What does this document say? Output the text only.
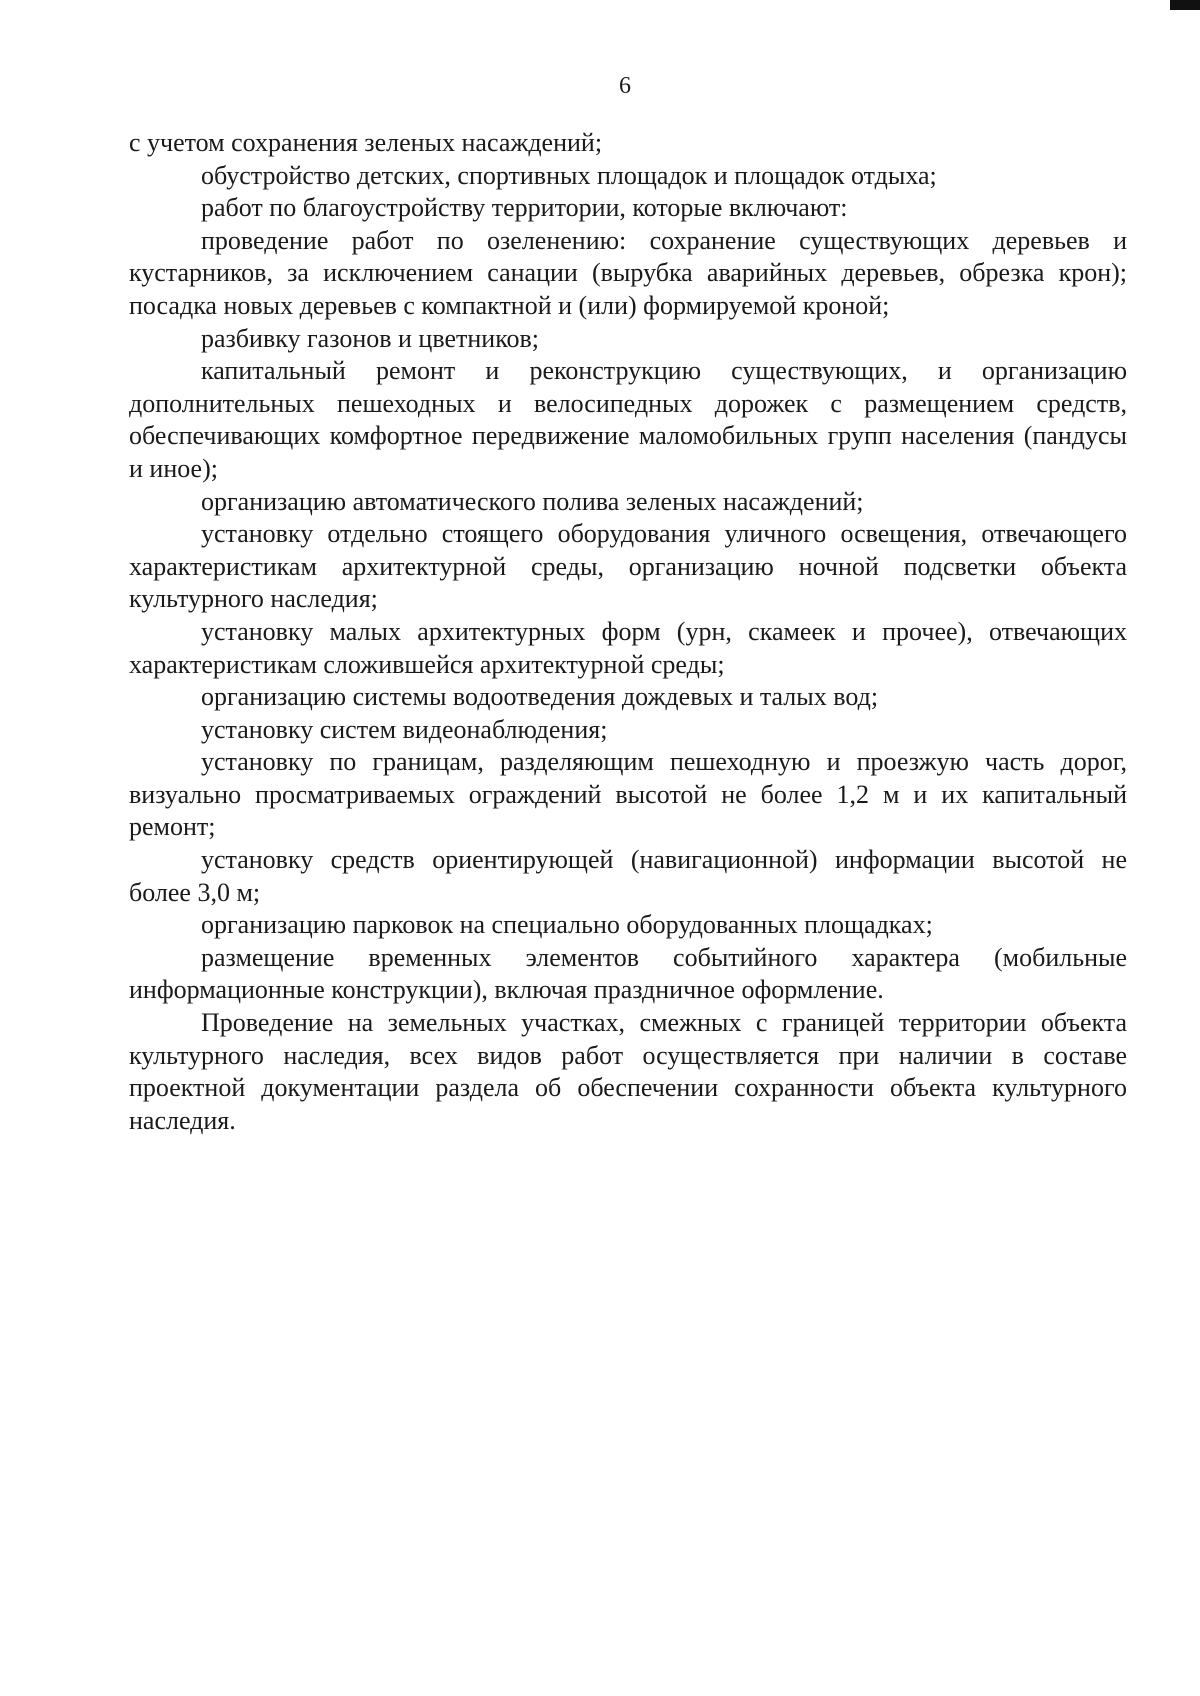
6

с учетом сохранения зеленых насаждений;

обустройство детских, спортивных площадок и площадок отдыха;

работ по благоустройству территории, которые включают:

проведение работ по озеленению: сохранение существующих деревьев и кустарников, за исключением санации (вырубка аварийных деревьев, обрезка крон); посадка новых деревьев с компактной и (или) формируемой кроной;

разбивку газонов и цветников;

капитальный ремонт и реконструкцию существующих, и организацию дополнительных пешеходных и велосипедных дорожек с размещением средств, обеспечивающих комфортное передвижение маломобильных групп населения (пандусы и иное);

организацию автоматического полива зеленых насаждений;

установку отдельно стоящего оборудования уличного освещения, отвечающего характеристикам архитектурной среды, организацию ночной подсветки объекта культурного наследия;

установку малых архитектурных форм (урн, скамеек и прочее), отвечающих характеристикам сложившейся архитектурной среды;

организацию системы водоотведения дождевых и талых вод;

установку систем видеонаблюдения;

установку по границам, разделяющим пешеходную и проезжую часть дорог, визуально просматриваемых ограждений высотой не более 1,2 м и их капитальный ремонт;

установку средств ориентирующей (навигационной) информации высотой не более 3,0 м;

организацию парковок на специально оборудованных площадках;

размещение временных элементов событийного характера (мобильные информационные конструкции), включая праздничное оформление.

Проведение на земельных участках, смежных с границей территории объекта культурного наследия, всех видов работ осуществляется при наличии в составе проектной документации раздела об обеспечении сохранности объекта культурного наследия.
